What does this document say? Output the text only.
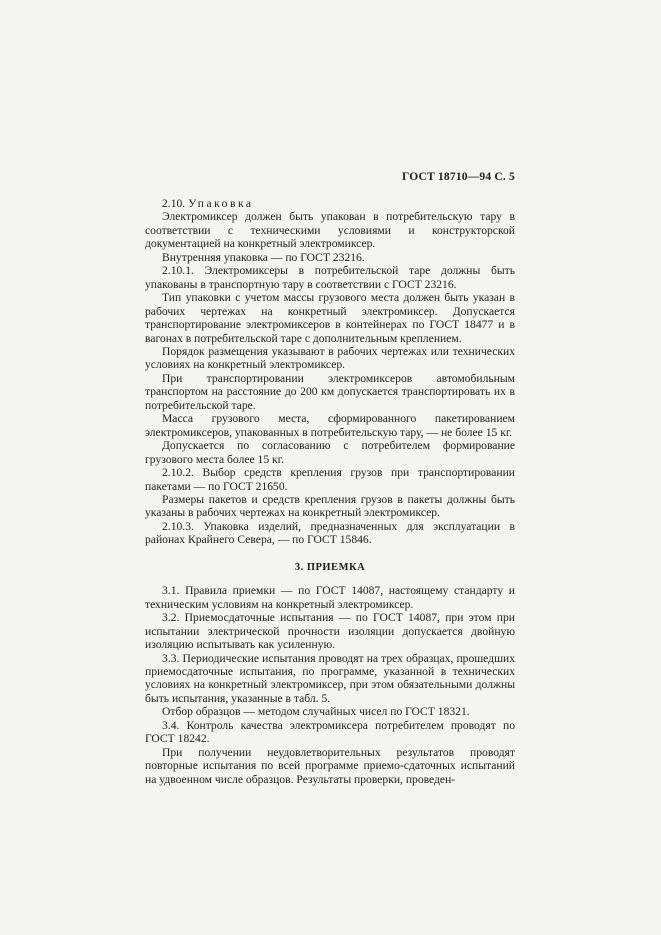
ГОСТ 18710—94 С. 5

2.10. Упаковка

Электромиксер должен быть упакован в потребительскую тару в соответствии с техническими условиями и конструкторской документацией на конкретный электромиксер.

Внутренняя упаковка — по ГОСТ 23216.

2.10.1. Электромиксеры в потребительской таре должны быть упакованы в транспортную тару в соответствии с ГОСТ 23216.

Тип упаковки с учетом массы грузового места должен быть указан в рабочих чертежах на конкретный электромиксер. Допускается транспортирование электромиксеров в контейнерах по ГОСТ 18477 и в вагонах в потребительской таре с дополнительным креплением.

Порядок размещения указывают в рабочих чертежах или технических условиях на конкретный электромиксер.

При транспортировании электромиксеров автомобильным транспортом на расстояние до 200 км допускается транспортировать их в потребительской таре.

Масса грузового места, сформированного пакетированием электромиксеров, упакованных в потребительскую тару, — не более 15 кг.

Допускается по согласованию с потребителем формирование грузового места более 15 кг.

2.10.2. Выбор средств крепления грузов при транспортировании пакетами — по ГОСТ 21650.

Размеры пакетов и средств крепления грузов в пакеты должны быть указаны в рабочих чертежах на конкретный электромиксер.

2.10.3. Упаковка изделий, предназначенных для эксплуатации в районах Крайнего Севера, — по ГОСТ 15846.

3. ПРИЕМКА

3.1. Правила приемки — по ГОСТ 14087, настоящему стандарту и техническим условиям на конкретный электромиксер.

3.2. Приемосдаточные испытания — по ГОСТ 14087, при этом при испытании электрической прочности изоляции допускается двойную изоляцию испытывать как усиленную.

3.3. Периодические испытания проводят на трех образцах, прошедших приемосдаточные испытания, по программе, указанной в технических условиях на конкретный электромиксер, при этом обязательными должны быть испытания, указанные в табл. 5.

Отбор образцов — методом случайных чисел по ГОСТ 18321.

3.4. Контроль качества электромиксера потребителем проводят по ГОСТ 18242.

При получении неудовлетворительных результатов проводят повторные испытания по всей программе приемо-сдаточных испытаний на удвоенном числе образцов. Результаты проверки, проведен-
